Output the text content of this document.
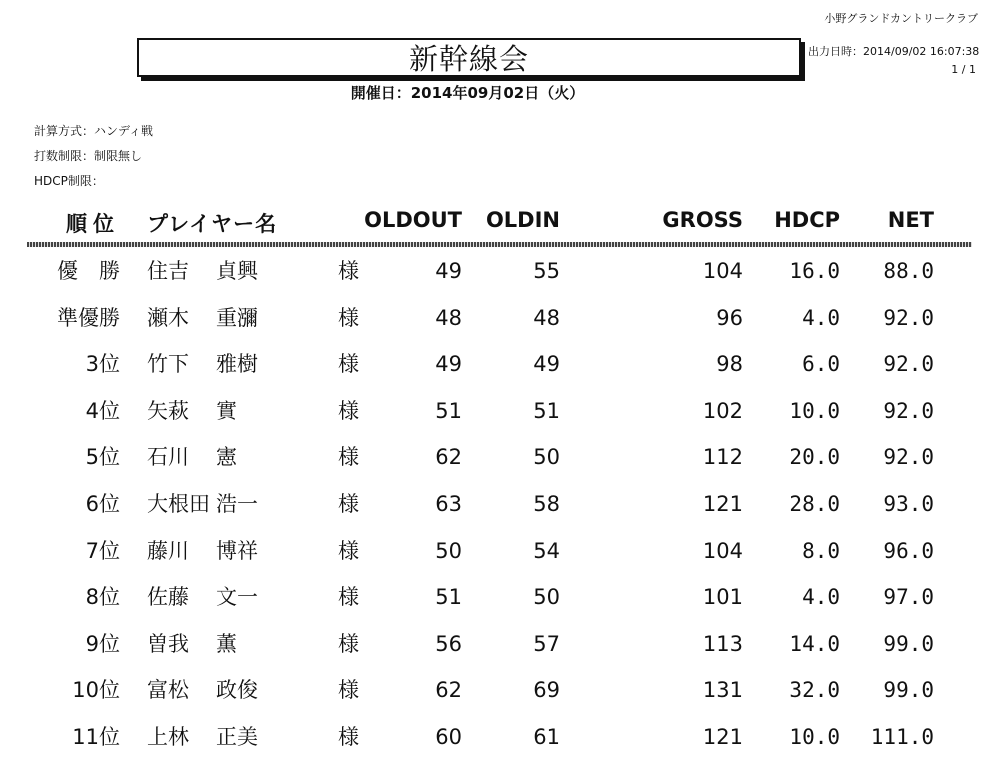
小野グランドカントリークラブ
新幹線会	出力日時：2014/09/02 16:07:38
1 / 1
開催日：2014年09月02日（火）
計算方式：ハンディ戦
打数制限：制限無し
HDCP制限：
順位 プレイヤー名	OLDOUT OLDIN	GROSS HDCP NET
優　勝 住吉 貞興	様	49	55	104 16.0 88.0
準優勝 瀬木 重瀰	様	48	48	96	4.0 92.0
3位 竹下 雅樹	様	49	49	98	6.0 92.0
4位 矢萩 實	様	51	51	102 10.0 92.0
5位 石川 憲	様	62	50	112 20.0 92.0
6位 大根田 浩一	様	63	58	121 28.0 93.0
7位 藤川 博祥	様	50	54	104	8.0 96.0
8位 佐藤 文一	様	51	50	101	4.0 97.0
9位 曽我 薫	様	56	57	113 14.0 99.0
10位 富松 政俊	様	62	69	131 32.0 99.0
11位 上林 正美	様	60	61	121 10.0 111.0
